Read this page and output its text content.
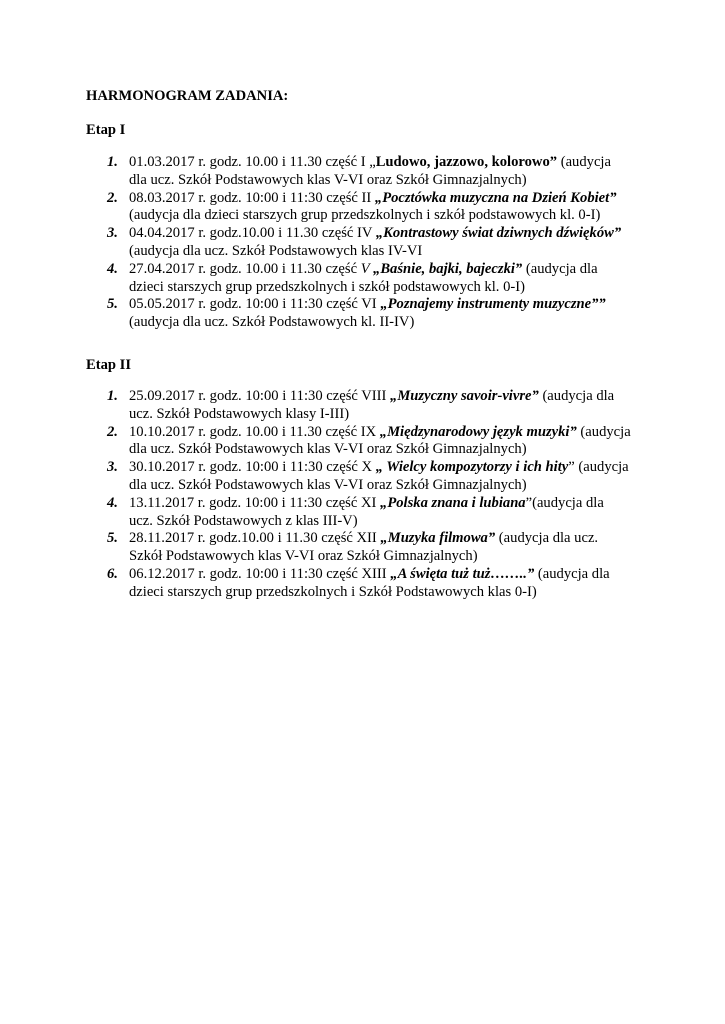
HARMONOGRAM ZADANIA:
Etap I
1. 01.03.2017 r. godz. 10.00 i 11.30 część I „Ludowo, jazzowo, kolorowo” (audycja
dla ucz. Szkół Podstawowych klas V-VI oraz Szkół Gimnazjalnych)
2. 08.03.2017 r. godz. 10:00 i 11:30 część II „Pocztówka muzyczna na Dzień Kobiet”
(audycja dla dzieci starszych grup przedszkolnych i szkół podstawowych kl. 0-I)
3. 04.04.2017 r. godz.10.00 i 11.30 część IV „Kontrastowy świat dziwnych dźwięków”
(audycja dla ucz. Szkół Podstawowych klas IV-VI
4. 27.04.2017 r. godz. 10.00 i 11.30 część V „Baśnie, bajki, bajeczki” (audycja dla
dzieci starszych grup przedszkolnych i szkół podstawowych kl. 0-I)
5. 05.05.2017 r. godz. 10:00 i 11:30 część VI „Poznajemy instrumenty muzyczne””
(audycja dla ucz. Szkół Podstawowych kl. II-IV)
Etap II
1. 25.09.2017 r. godz. 10:00 i 11:30 część VIII „Muzyczny savoir-vivre” (audycja dla
ucz. Szkół Podstawowych klasy I-III)
2. 10.10.2017 r. godz. 10.00 i 11.30 część IX „Międzynarodowy język muzyki” (audycja
dla ucz. Szkół Podstawowych klas V-VI oraz Szkół Gimnazjalnych)
3. 30.10.2017 r. godz. 10:00 i 11:30 część X „ Wielcy kompozytorzy i ich hity” (audycja
dla ucz. Szkół Podstawowych klas V-VI oraz Szkół Gimnazjalnych)
4. 13.11.2017 r. godz. 10:00 i 11:30 część XI „Polska znana i lubiana”(audycja dla
ucz. Szkół Podstawowych z klas III-V)
5. 28.11.2017 r. godz.10.00 i 11.30 część XII „Muzyka filmowa” (audycja dla ucz.
Szkół Podstawowych klas V-VI oraz Szkół Gimnazjalnych)
6. 06.12.2017 r. godz. 10:00 i 11:30 część XIII „A święta tuż tuż……..” (audycja dla
dzieci starszych grup przedszkolnych i Szkół Podstawowych klas 0-I)
